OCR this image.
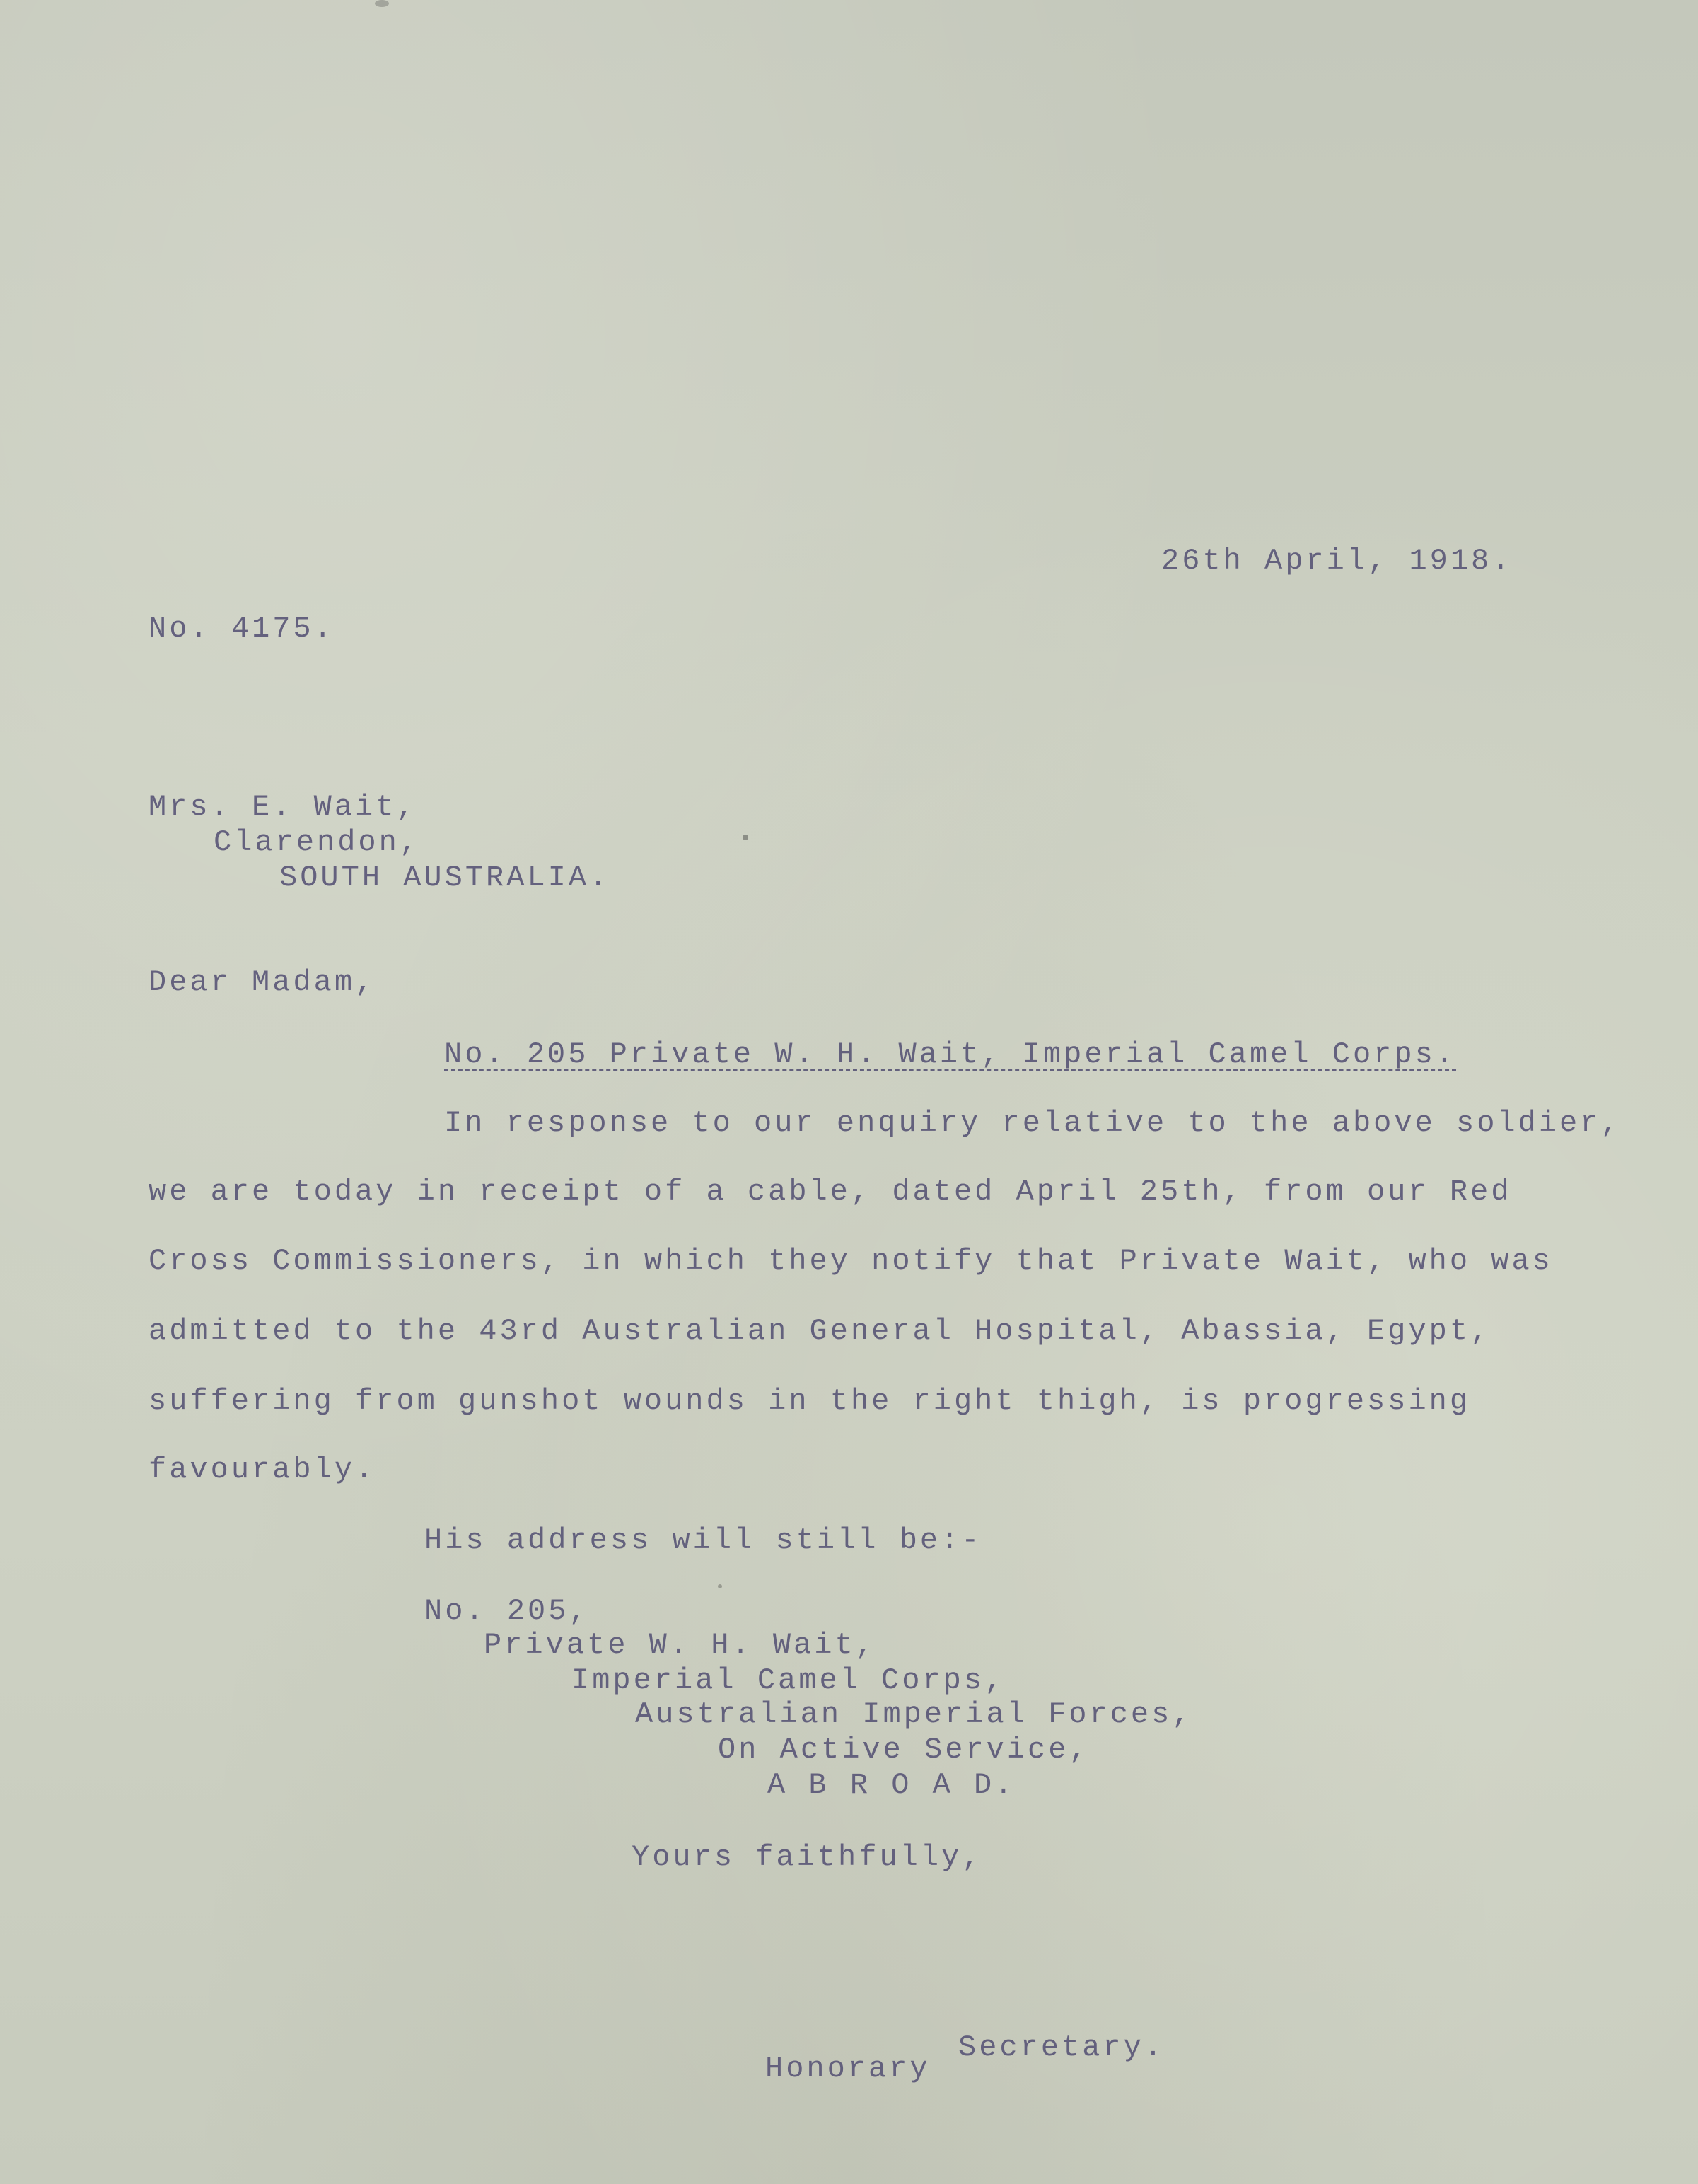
26th April, 1918.
No. 4175.
Mrs. E. Wait,
Clarendon,
SOUTH AUSTRALIA.
Dear Madam,
No. 205 Private W. H. Wait, Imperial Camel Corps.
In response to our enquiry relative to the above soldier,
we are today in receipt of a cable, dated April 25th, from our Red
Cross Commissioners, in which they notify that Private Wait, who was
admitted to the 43rd Australian General Hospital, Abassia, Egypt,
suffering from gunshot wounds in the right thigh, is progressing
favourably.
His address will still be:-
No. 205,
Private W. H. Wait,
Imperial Camel Corps,
Australian Imperial Forces,
On Active Service,
A B R O A D.
Yours faithfully,
Honorary
Secretary.
